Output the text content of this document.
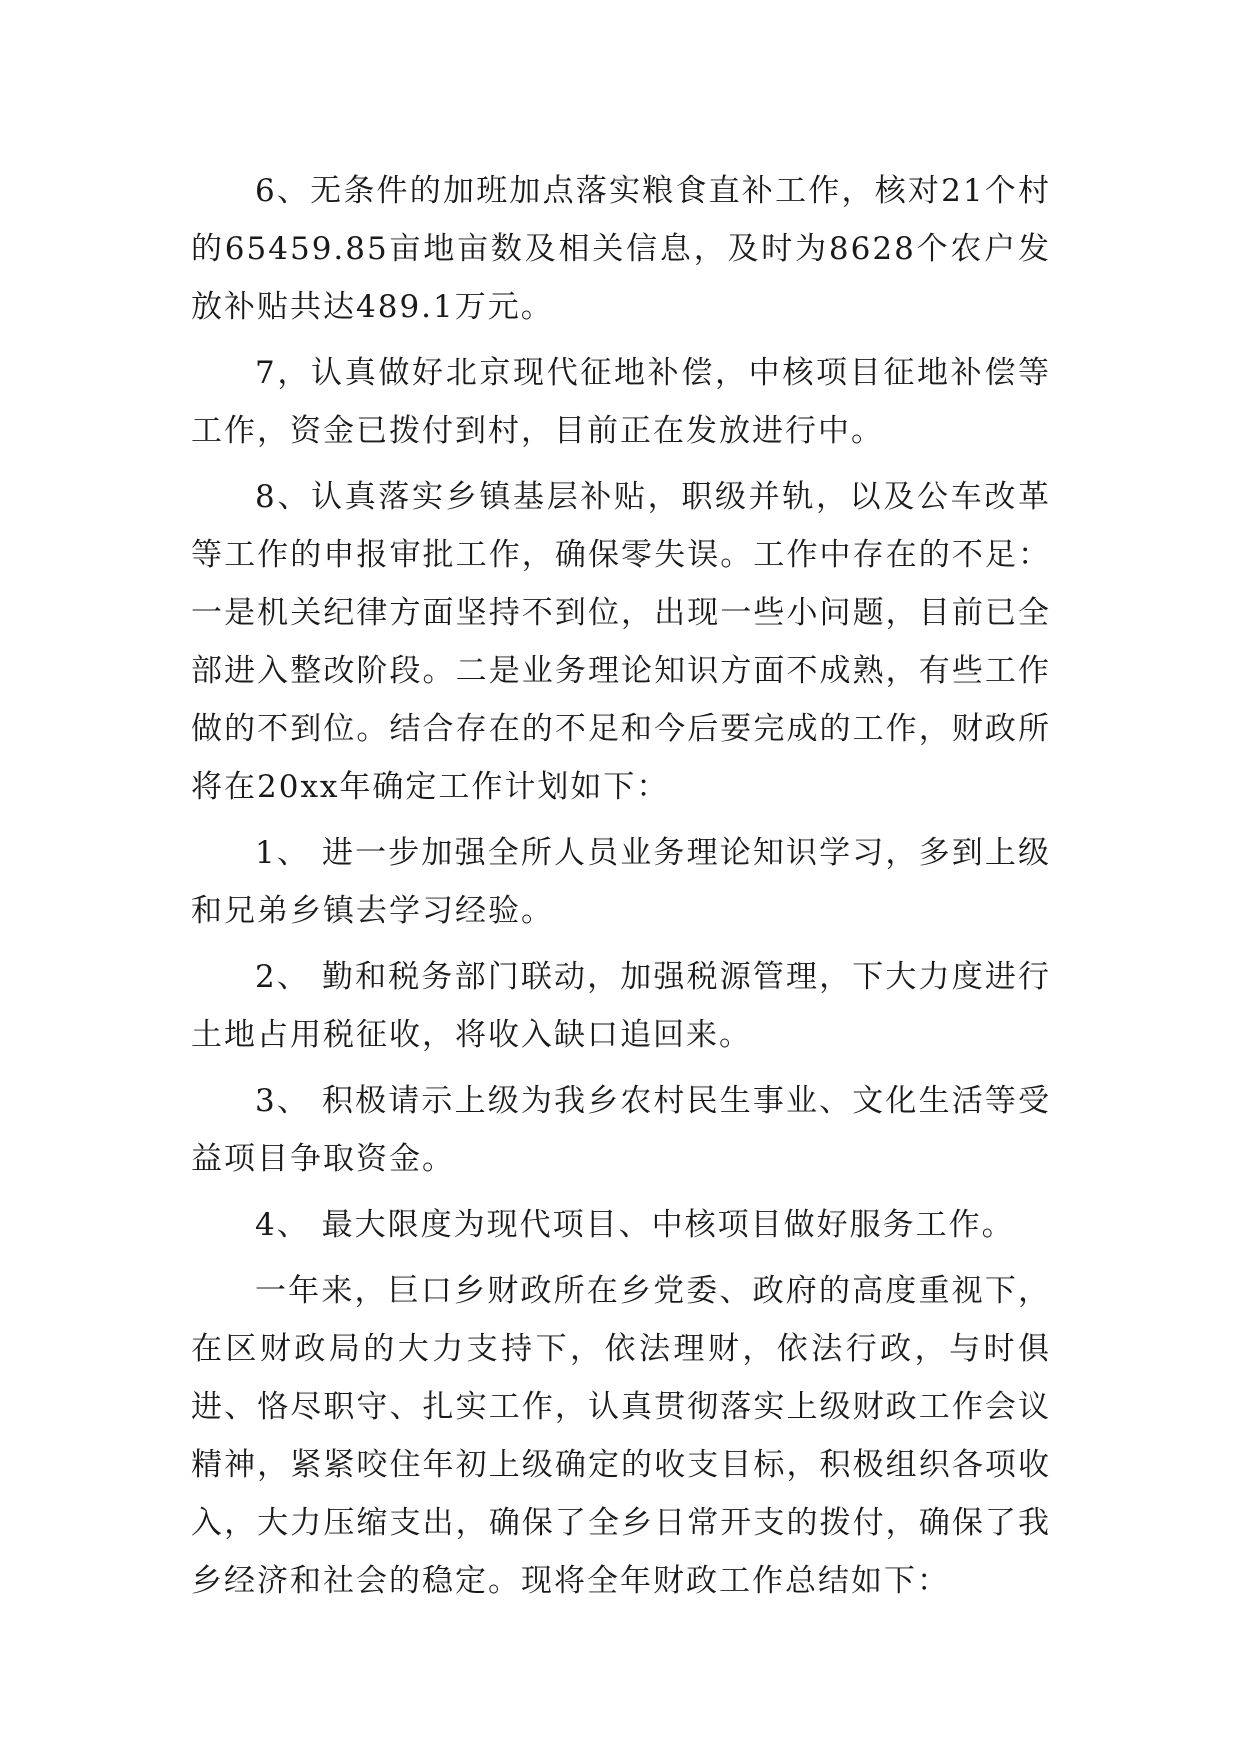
6、无条件的加班加点落实粮食直补工作，核对21个村的65459.85亩地亩数及相关信息，及时为8628个农户发放补贴共达489.1万元。

7，认真做好北京现代征地补偿，中核项目征地补偿等工作，资金已拨付到村，目前正在发放进行中。

8、认真落实乡镇基层补贴，职级并轨，以及公车改革等工作的申报审批工作，确保零失误。工作中存在的不足：一是机关纪律方面坚持不到位，出现一些小问题，目前已全部进入整改阶段。二是业务理论知识方面不成熟，有些工作做的不到位。结合存在的不足和今后要完成的工作，财政所将在20xx年确定工作计划如下：

1、 进一步加强全所人员业务理论知识学习，多到上级和兄弟乡镇去学习经验。

2、 勤和税务部门联动，加强税源管理，下大力度进行土地占用税征收，将收入缺口追回来。

3、 积极请示上级为我乡农村民生事业、文化生活等受益项目争取资金。

4、 最大限度为现代项目、中核项目做好服务工作。

一年来，巨口乡财政所在乡党委、政府的高度重视下，在区财政局的大力支持下，依法理财，依法行政，与时俱进、恪尽职守、扎实工作，认真贯彻落实上级财政工作会议精神，紧紧咬住年初上级确定的收支目标，积极组织各项收入，大力压缩支出，确保了全乡日常开支的拨付，确保了我乡经济和社会的稳定。现将全年财政工作总结如下：
